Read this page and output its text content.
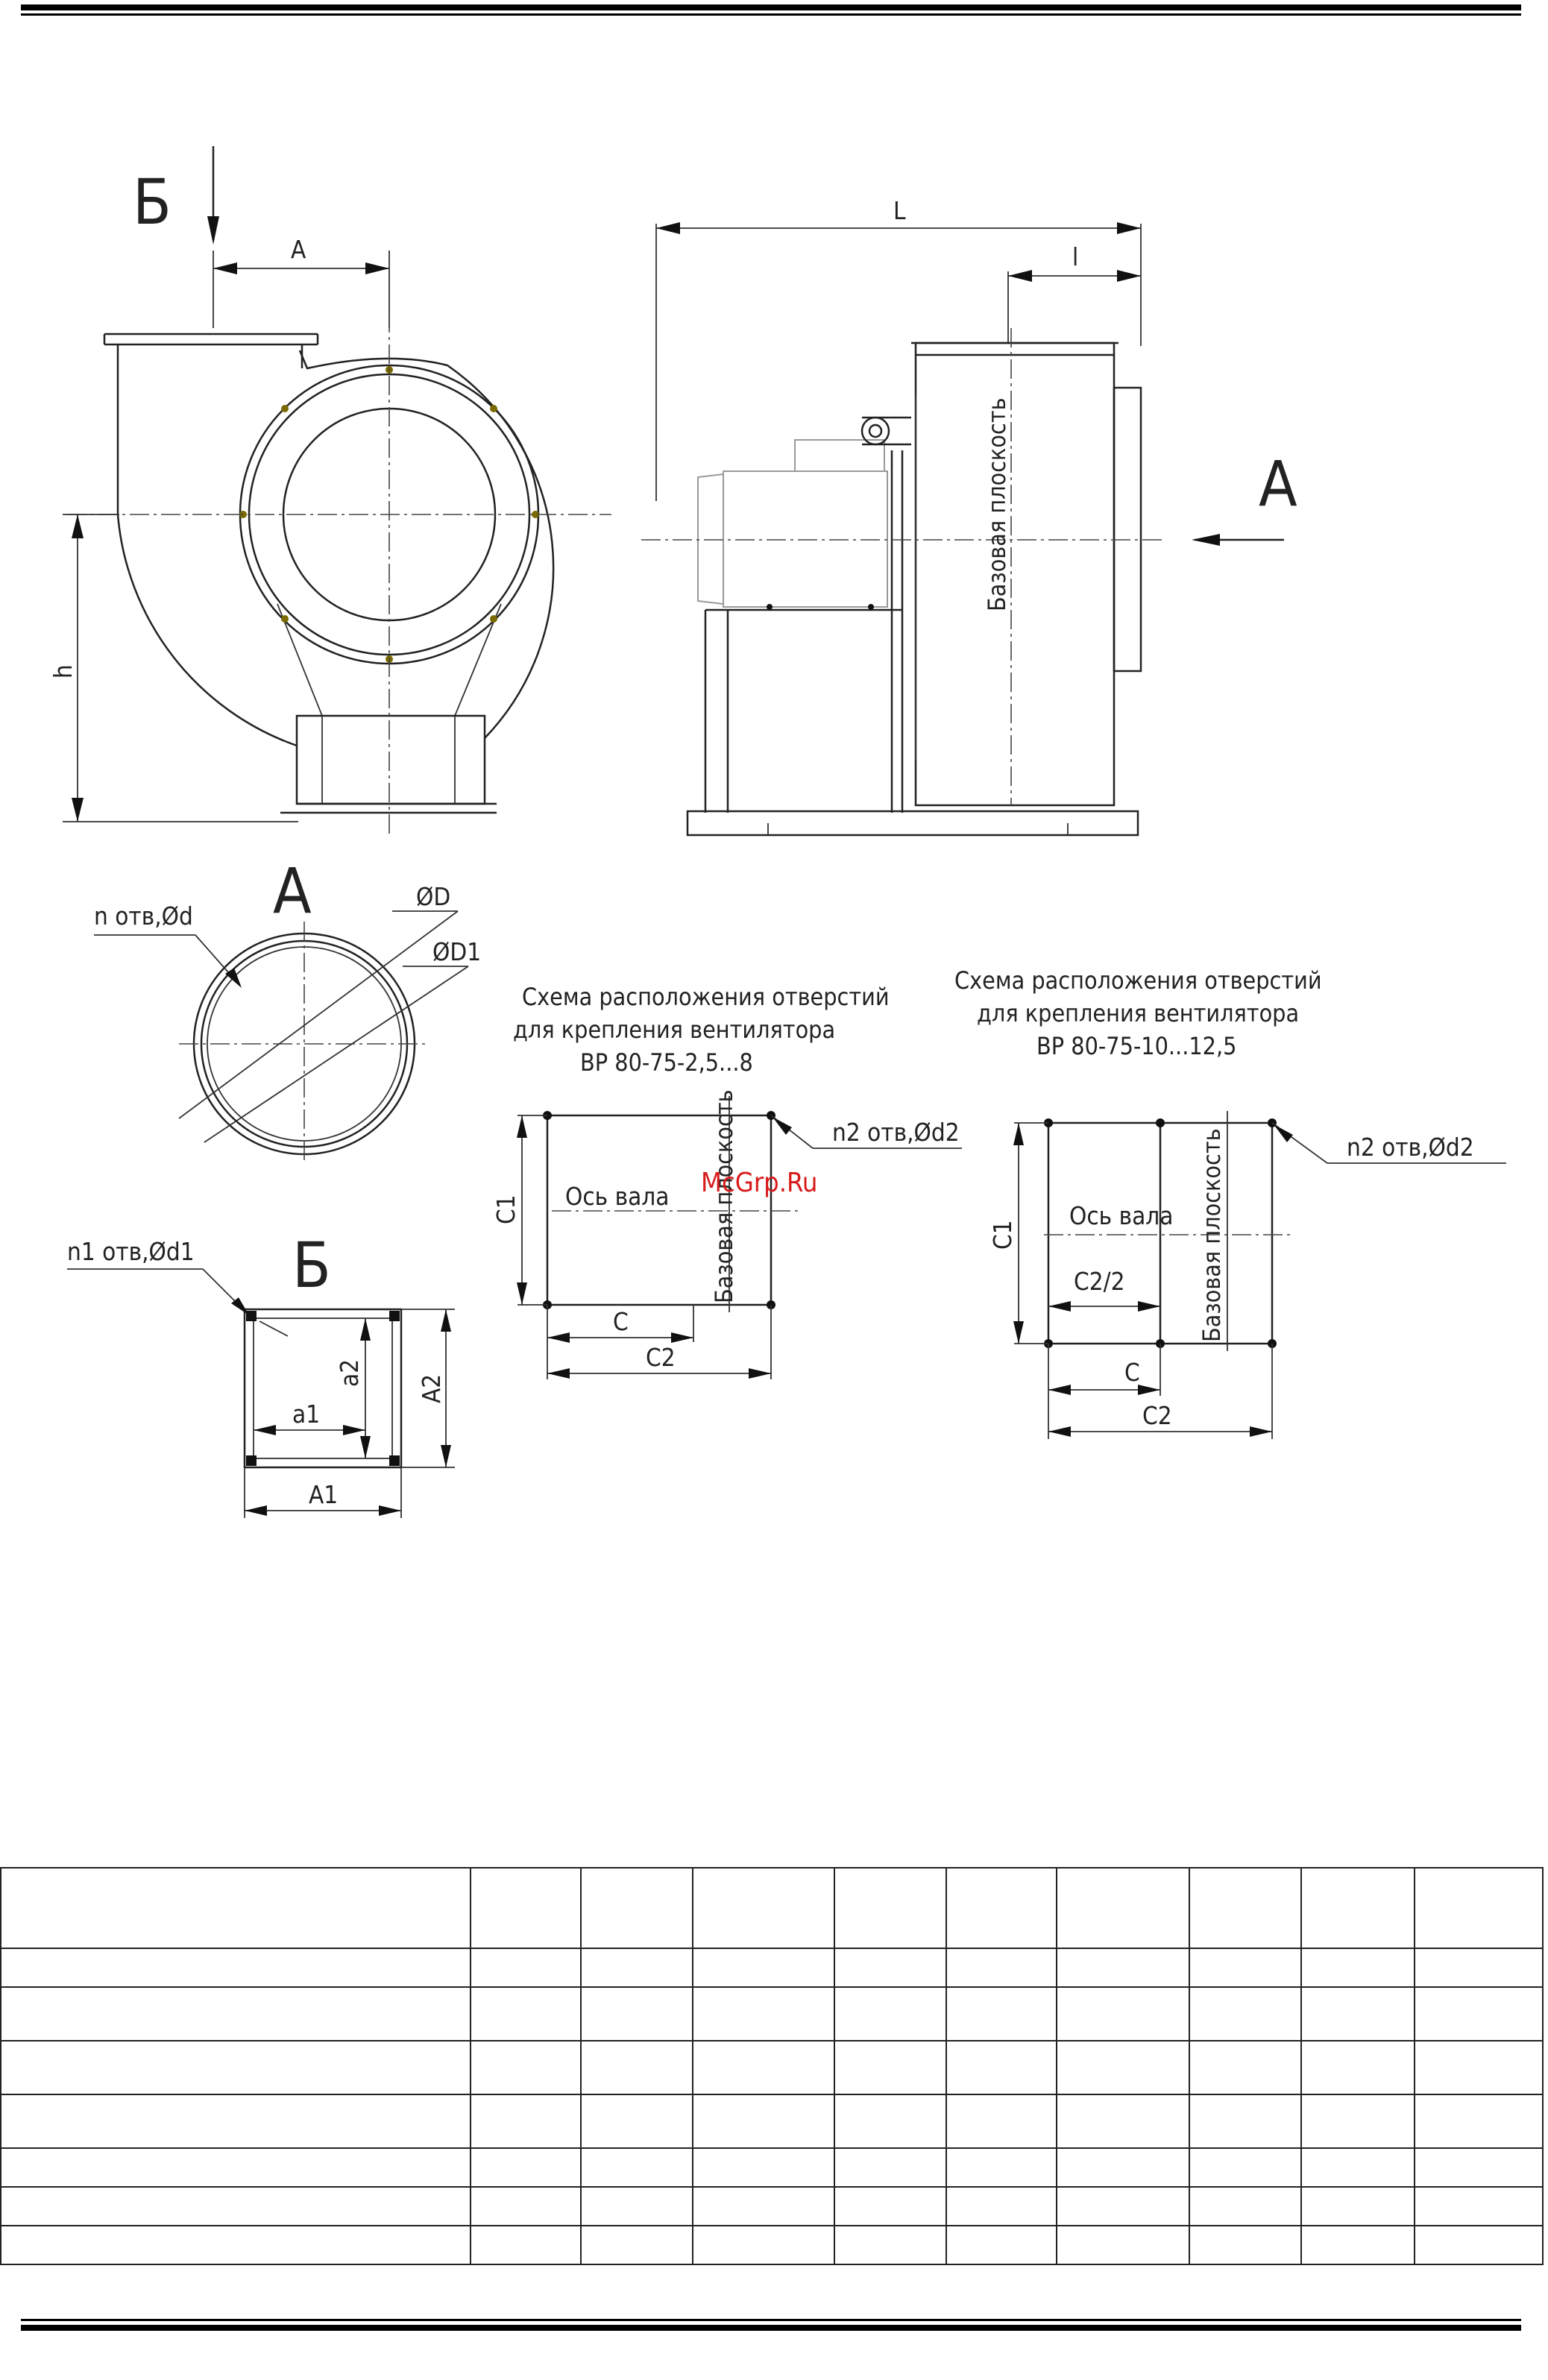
Б
A
h
L
l
Базовая плоскость	A
A	ØD
ØD1
n отв,Ød
Б
n1 отв,Ød1
a1
a2
A2
A1
Схема расположения отверстий
для крепления вентилятора
ВР 80-75-2,5...8
Ось вала Базовая плоскость	n2 отв,Ød2
C1
C
C2
McGrp.Ru
Схема расположения отверстий
для крепления вентилятора
ВР 80-75-10...12,5
Ось вала Базовая плоскость	n2 отв,Ød2
C1
C2/2
C
C2
